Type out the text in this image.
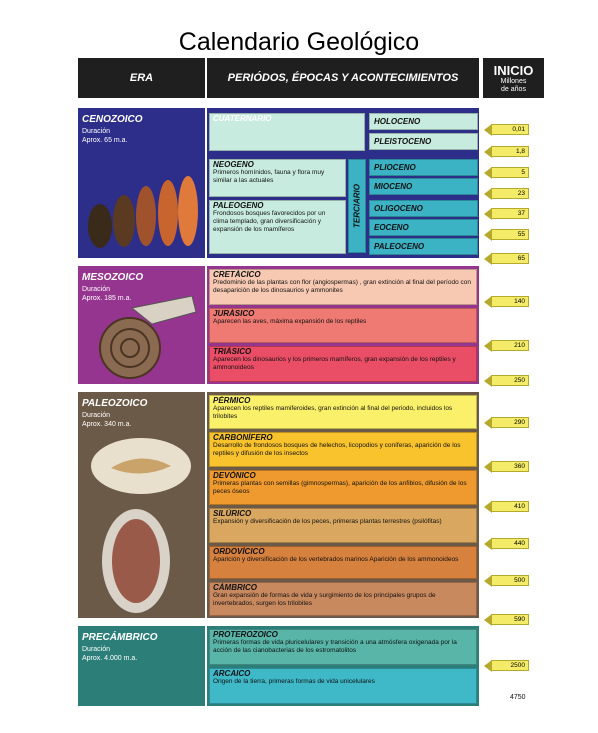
Calendario Geológico
ERA	PERIÓDOS, ÉPOCAS Y ACONTECIMIENTOS
INICIO
Millones
de años
CENOZOICO
Duración
Aprox. 65 m.a.
MESOZOICO
Duración
Aprox. 185 m.a.
PALEOZOICO
Duración
Aprox. 340 m.a.
PRECÁMBRICO
Duración
Aprox. 4.000 m.a.
CUATERNARIO
NEOGENO
Primeros homínidos, fauna y flora muy similar a las actuales
PALEOGENO
Frondosos bosques favorecidos por un clima templado, gran diversificación y expansión de los mamíferos
TERCIARIO
HOLOCENO
PLEISTOCENO
PLIOCENO
MIOCENO
OLIGOCENO
EOCENO
PALEOCENO
CRETÁCICO
Predominio de las plantas con flor (angiospermas) , gran extinción al final del período con desaparición de los dinosaurios y ammonites
JURÁSICO
Aparecen las aves, máxima expansión de los reptiles
TRIÁSICO
Aparecen los dinosaurios y los primeros mamíferos, gran expansión de los reptiles y ammonoideos
PÉRMICO
Aparecen los reptiles mamiferoides, gran extinción al final del periodo, incluidos los trilobites
CARBONÍFERO
Desarrollo de frondosos bosques de helechos, licopodios y coníferas, aparición de los reptiles y difusión de los insectos
DEVÓNICO
Primeras plantas con semillas (gimnospermas), aparición de los anfibios, difusión de los peces óseos
SILÚRICO
Expansión y diversificación de los peces, primeras plantas terrestres (psilófitas)
ORDOVÍCICO
Aparición y diversificación de los vertebrados marinos Aparición de los ammonoideos
CÁMBRICO
Gran expansión de formas de vida y surgimiento de los principales grupos de invertebrados, surgen los trilobites
PROTEROZOICO
Primeras formas de vida pluricelulares y transición a una atmósfera oxigenada por la acción de las cianobacterias de los estromatolitos
ARCAICO
Origen de la tierra, primeras formas de vida unicelulares
0,01
1,8
5
23
37
55
65
140
210
250
290
360
410
440
500
590
2500
4750
